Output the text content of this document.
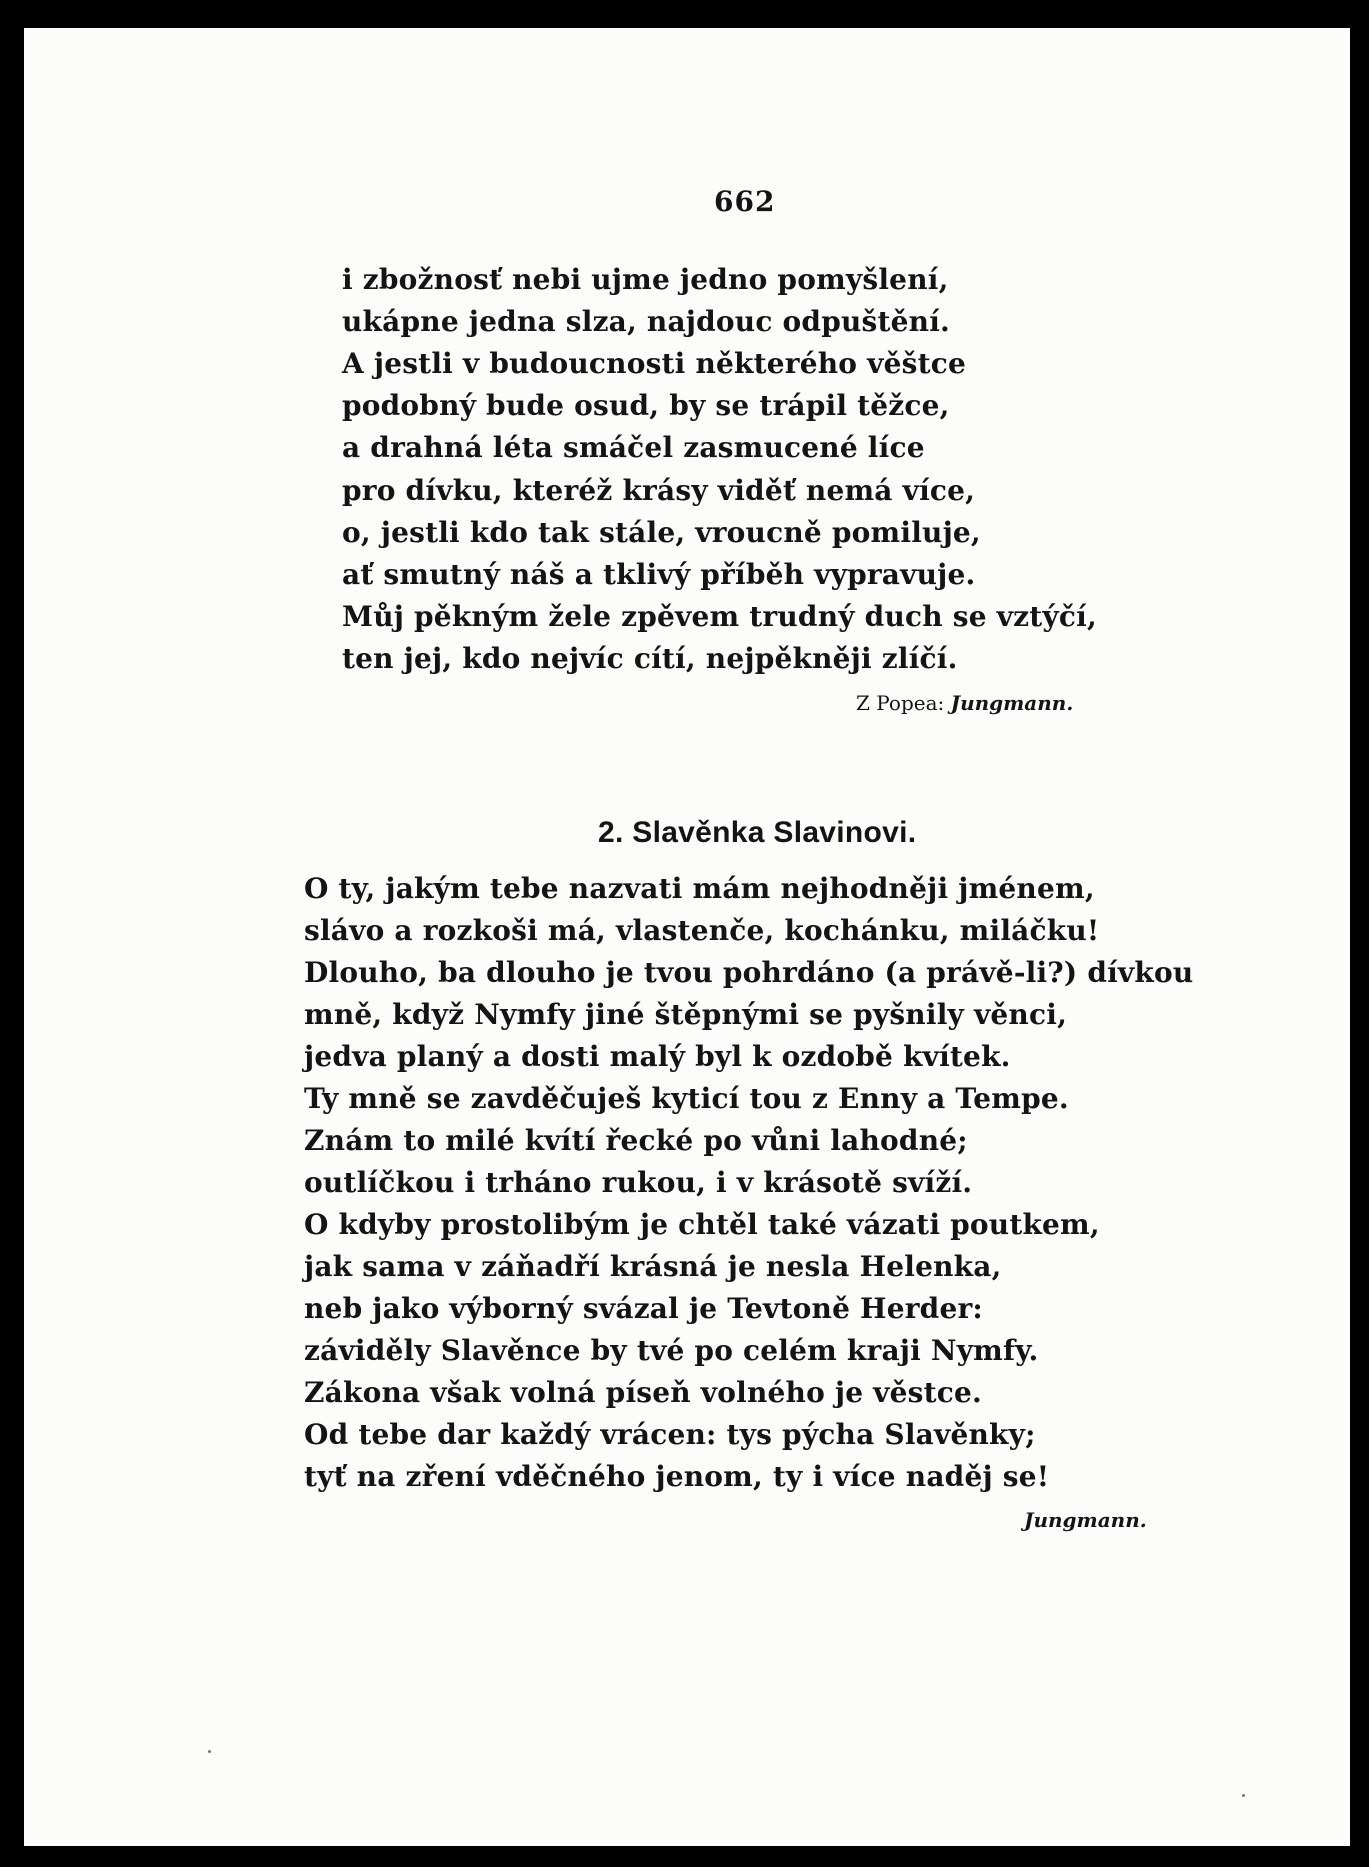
662
i zbožnosť nebi ujme jedno pomyšlení,
ukápne jedna slza, najdouc odpuštění.
A jestli v budoucnosti některého věštce
podobný bude osud, by se trápil těžce,
a drahná léta smáčel zasmucené líce
pro dívku, kteréž krásy viděť nemá více,
o, jestli kdo tak stále, vroucně pomiluje,
ať smutný náš a tklivý příběh vypravuje.
Můj pěkným žele zpěvem trudný duch se vztýčí,
ten jej, kdo nejvíc cítí, nejpěkněji zlíčí.
Z Popea: Jungmann.
2. Slavěnka Slavinovi.
O ty, jakým tebe nazvati mám nejhodněji jménem,
slávo a rozkoši má, vlastenče, kochánku, miláčku!
Dlouho, ba dlouho je tvou pohrdáno (a právě-li?) dívkou
mně, když Nymfy jiné štěpnými se pyšnily věnci,
jedva planý a dosti malý byl k ozdobě kvítek.
Ty mně se zavděčuješ kyticí tou z Enny a Tempe.
Znám to milé kvítí řecké po vůni lahodné;
outlíčkou i trháno rukou, i v krásotě svíží.
O kdyby prostolibým je chtěl také vázati poutkem,
jak sama v záňadří krásná je nesla Helenka,
neb jako výborný svázal je Tevtoně Herder:
záviděly Slavěnce by tvé po celém kraji Nymfy.
Zákona však volná píseň volného je věstce.
Od tebe dar každý vrácen: tys pýcha Slavěnky;
tyť na zření vděčného jenom, ty i více naděj se!
Jungmann.
